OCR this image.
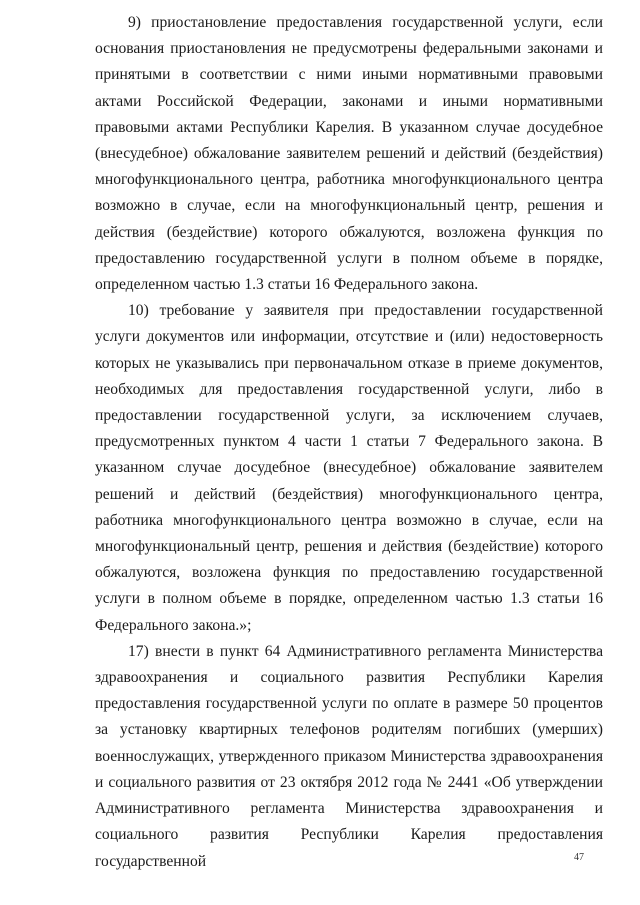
9) приостановление предоставления государственной услуги, если основания приостановления не предусмотрены федеральными законами и принятыми в соответствии с ними иными нормативными правовыми актами Российской Федерации, законами и иными нормативными правовыми актами Республики Карелия. В указанном случае досудебное (внесудебное) обжалование заявителем решений и действий (бездействия) многофункционального центра, работника многофункционального центра возможно в случае, если на многофункциональный центр, решения и действия (бездействие) которого обжалуются, возложена функция по предоставлению государственной услуги в полном объеме в порядке, определенном частью 1.3 статьи 16 Федерального закона.

10) требование у заявителя при предоставлении государственной услуги документов или информации, отсутствие и (или) недостоверность которых не указывались при первоначальном отказе в приеме документов, необходимых для предоставления государственной услуги, либо в предоставлении государственной услуги, за исключением случаев, предусмотренных пунктом 4 части 1 статьи 7 Федерального закона. В указанном случае досудебное (внесудебное) обжалование заявителем решений и действий (бездействия) многофункционального центра, работника многофункционального центра возможно в случае, если на многофункциональный центр, решения и действия (бездействие) которого обжалуются, возложена функция по предоставлению государственной услуги в полном объеме в порядке, определенном частью 1.3 статьи 16 Федерального закона.»;

17) внести в пункт 64 Административного регламента Министерства здравоохранения и социального развития Республики Карелия предоставления государственной услуги по оплате в размере 50 процентов за установку квартирных телефонов родителям погибших (умерших) военнослужащих, утвержденного приказом Министерства здравоохранения и социального развития от 23 октября 2012 года № 2441 «Об утверждении Административного регламента Министерства здравоохранения и социального развития Республики Карелия предоставления государственной	47
